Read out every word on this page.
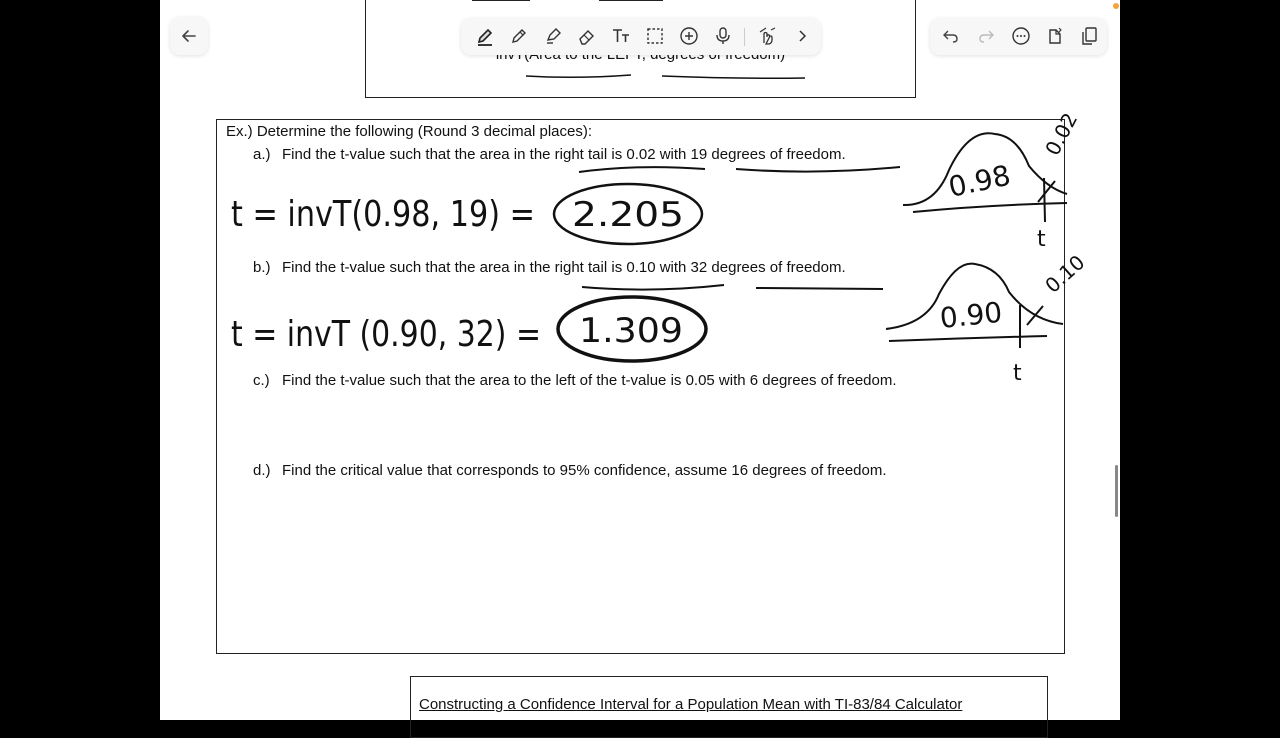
Ex.) Determine the following (Round 3 decimal places):
a.) Find the t-value such that the area in the right tail is 0.02 with 19 degrees of freedom.
b.) Find the t-value such that the area in the right tail is 0.10 with 32 degrees of freedom.
c.) Find the t-value such that the area to the left of the t-value is 0.05 with 6 degrees of freedom.
d.) Find the critical value that corresponds to 95% confidence, assume 16 degrees of freedom.
t = invT(0.98, 19) = 2.205
0.98
0.02
t
t = invT (0.90, 32) = 1.309	0.90
0.10
t
Constructing a Confidence Interval for a Population Mean with TI-83/84 Calculator
